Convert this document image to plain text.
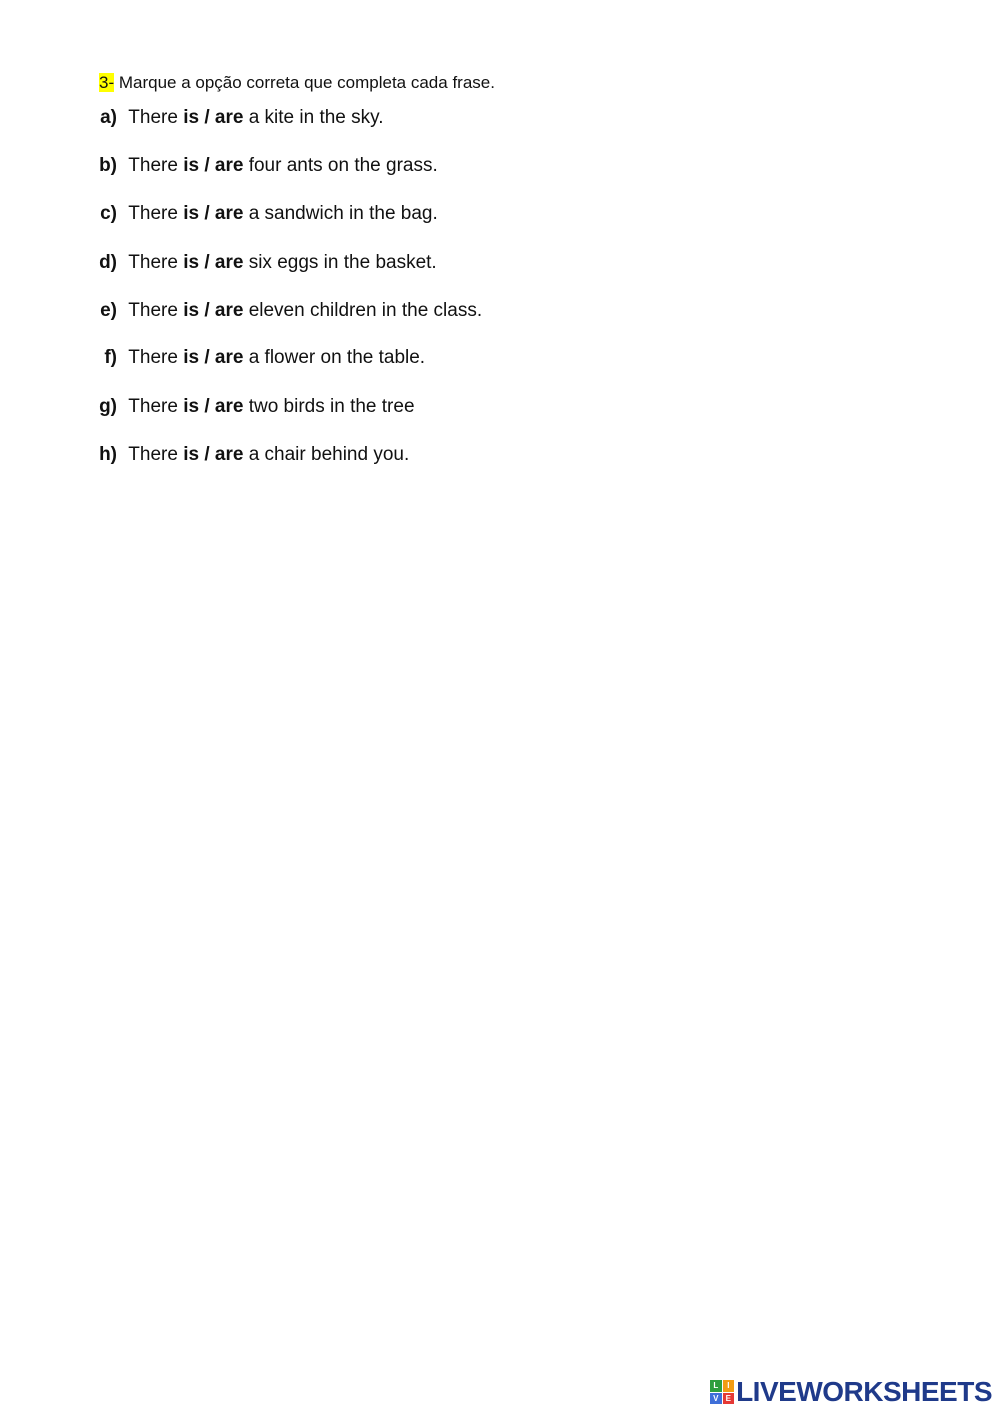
3- Marque a opção correta que completa cada frase.
a) There is / are a kite in the sky.
b) There is / are four ants on the grass.
c) There is / are a sandwich in the bag.
d) There is / are six eggs in the basket.
e) There is / are eleven children in the class.
f) There is / are a flower on the table.
g) There is / are two birds in the tree
h) There is / are a chair behind you.
L	I
V E LIVEWORKSHEETS
